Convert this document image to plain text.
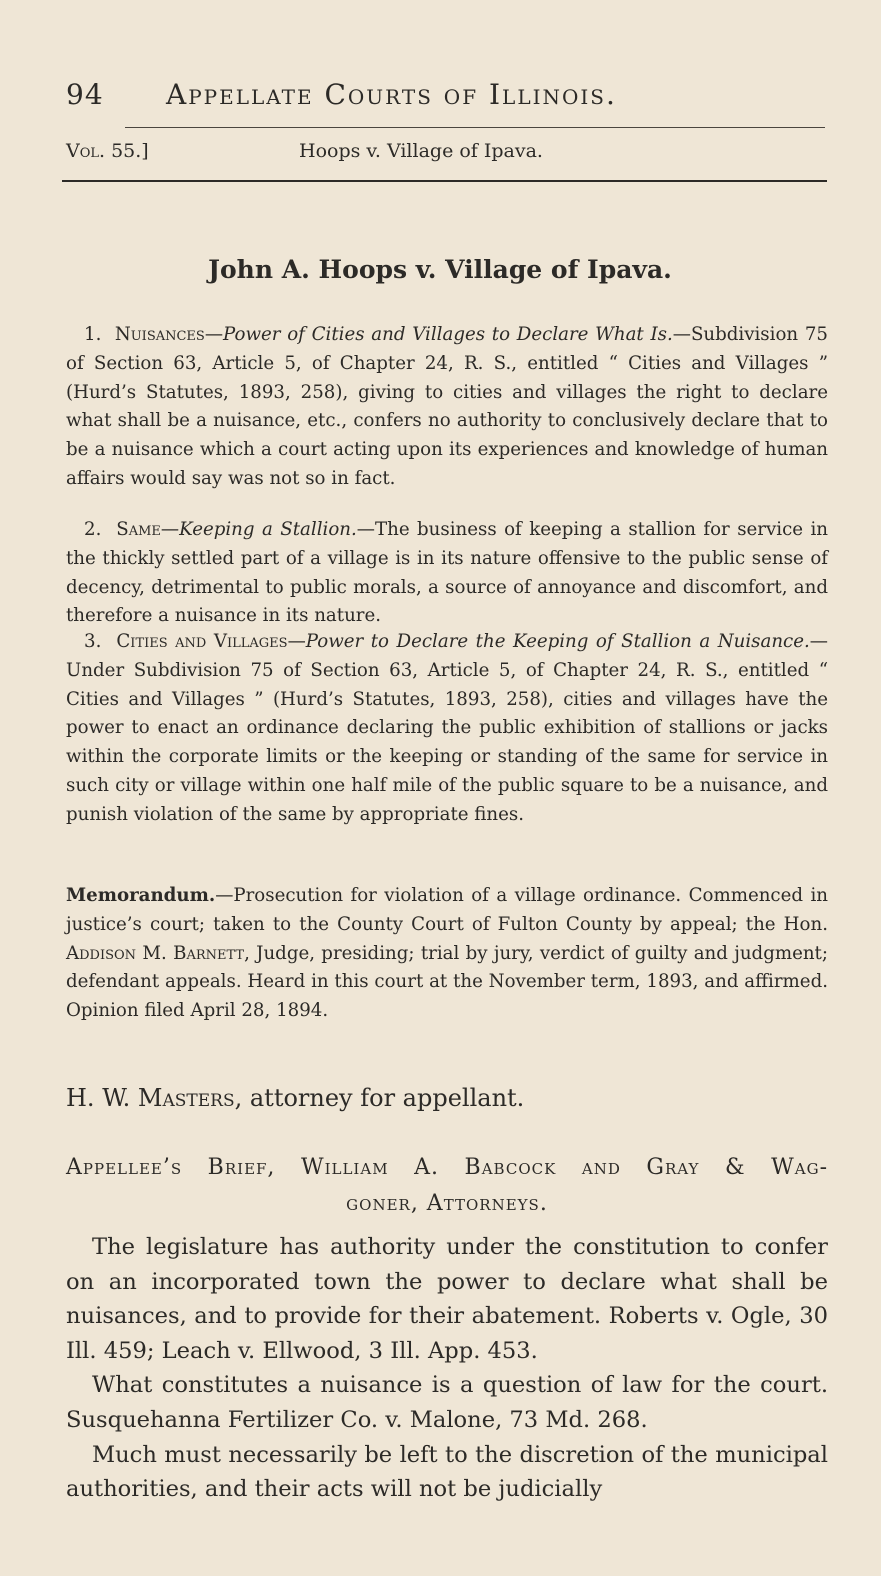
94 Appellate Courts of Illinois.
Vol. 55.]	Hoops v. Village of Ipava.
John A. Hoops v. Village of Ipava.
1. Nuisances—Power of Cities and Villages to Declare What Is.—Subdivision 75 of Section 63, Article 5, of Chapter 24, R. S., entitled “ Cities and Villages ” (Hurd’s Statutes, 1893, 258), giving to cities and villages the right to declare what shall be a nuisance, etc., confers no authority to conclusively declare that to be a nuisance which a court acting upon its experiences and knowledge of human affairs would say was not so in fact.
2. Same—Keeping a Stallion.—The business of keeping a stallion for service in the thickly settled part of a village is in its nature offensive to the public sense of decency, detrimental to public morals, a source of annoyance and discomfort, and therefore a nuisance in its nature.
3. Cities and Villages—Power to Declare the Keeping of Stallion a Nuisance.—Under Subdivision 75 of Section 63, Article 5, of Chapter 24, R. S., entitled “ Cities and Villages ” (Hurd’s Statutes, 1893, 258), cities and villages have the power to enact an ordinance declaring the public exhibition of stallions or jacks within the corporate limits or the keeping or standing of the same for service in such city or village within one half mile of the public square to be a nuisance, and punish violation of the same by appropriate fines.
Memorandum.—Prosecution for violation of a village ordinance. Commenced in justice’s court; taken to the County Court of Fulton County by appeal; the Hon. Addison M. Barnett, Judge, presiding; trial by jury, verdict of guilty and judgment; defendant appeals. Heard in this court at the November term, 1893, and affirmed. Opinion filed April 28, 1894.
H. W. Masters, attorney for appellant.
Appellee’s Brief, William A. Babcock and Gray & Wag-
goner, Attorneys.

The legislature has authority under the constitution to confer on an incorporated town the power to declare what shall be nuisances, and to provide for their abatement. Roberts v. Ogle, 30 Ill. 459; Leach v. Ellwood, 3 Ill. App. 453.

What constitutes a nuisance is a question of law for the court. Susquehanna Fertilizer Co. v. Malone, 73 Md. 268.

Much must necessarily be left to the discretion of the municipal authorities, and their acts will not be judicially
